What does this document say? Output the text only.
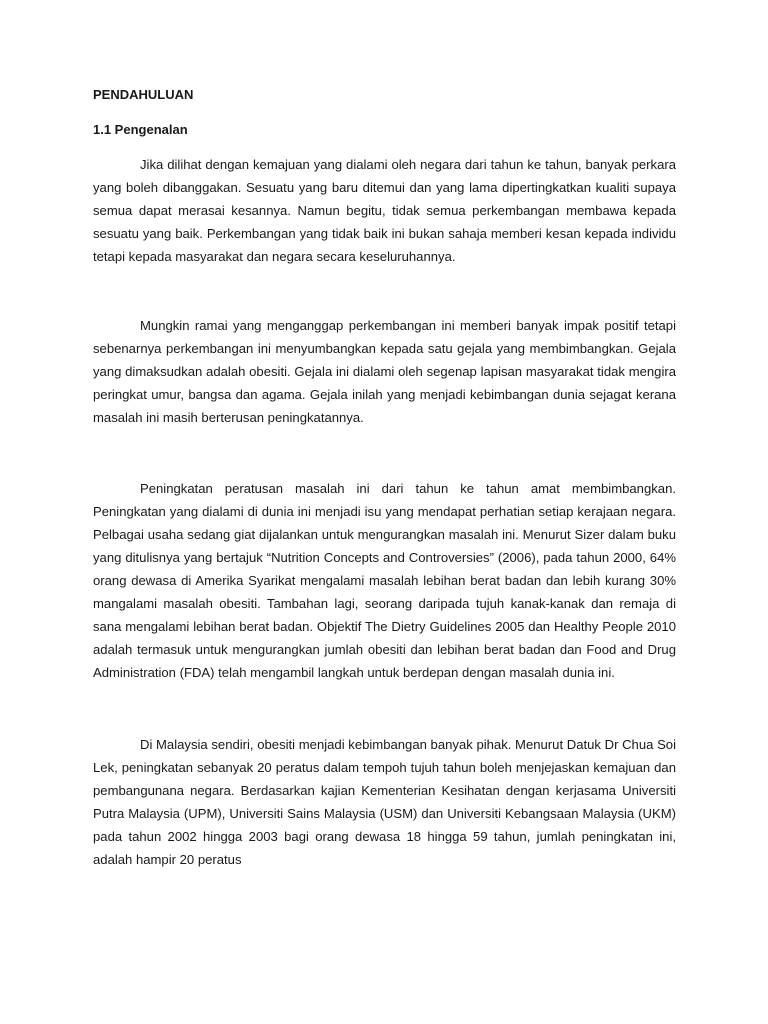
PENDAHULUAN

1.1 Pengenalan

Jika dilihat dengan kemajuan yang dialami oleh negara dari tahun ke tahun, banyak perkara yang boleh dibanggakan. Sesuatu yang baru ditemui dan yang lama dipertingkatkan kualiti supaya semua dapat merasai kesannya. Namun begitu, tidak semua perkembangan membawa kepada sesuatu yang baik. Perkembangan yang tidak baik ini bukan sahaja memberi kesan kepada individu tetapi kepada masyarakat dan negara secara keseluruhannya.

Mungkin ramai yang menganggap perkembangan ini memberi banyak impak positif tetapi sebenarnya perkembangan ini menyumbangkan kepada satu gejala yang membimbangkan. Gejala yang dimaksudkan adalah obesiti. Gejala ini dialami oleh segenap lapisan masyarakat tidak mengira peringkat umur, bangsa dan agama. Gejala inilah yang menjadi kebimbangan dunia sejagat kerana masalah ini masih berterusan peningkatannya.

Peningkatan peratusan masalah ini dari tahun ke tahun amat membimbangkan. Peningkatan yang dialami di dunia ini menjadi isu yang mendapat perhatian setiap kerajaan negara. Pelbagai usaha sedang giat dijalankan untuk mengurangkan masalah ini. Menurut Sizer dalam buku yang ditulisnya yang bertajuk “Nutrition Concepts and Controversies” (2006), pada tahun 2000, 64% orang dewasa di Amerika Syarikat mengalami masalah lebihan berat badan dan lebih kurang 30% mangalami masalah obesiti. Tambahan lagi, seorang daripada tujuh kanak-kanak dan remaja di sana mengalami lebihan berat badan. Objektif The Dietry Guidelines 2005 dan Healthy People 2010 adalah termasuk untuk mengurangkan jumlah obesiti dan lebihan berat badan dan Food and Drug Administration (FDA) telah mengambil langkah untuk berdepan dengan masalah dunia ini.

Di Malaysia sendiri, obesiti menjadi kebimbangan banyak pihak. Menurut Datuk Dr Chua Soi Lek, peningkatan sebanyak 20 peratus dalam tempoh tujuh tahun boleh menjejaskan kemajuan dan pembangunana negara. Berdasarkan kajian Kementerian Kesihatan dengan kerjasama Universiti Putra Malaysia (UPM), Universiti Sains Malaysia (USM) dan Universiti Kebangsaan Malaysia (UKM) pada tahun 2002 hingga 2003 bagi orang dewasa 18 hingga 59 tahun, jumlah peningkatan ini, adalah hampir 20 peratus
